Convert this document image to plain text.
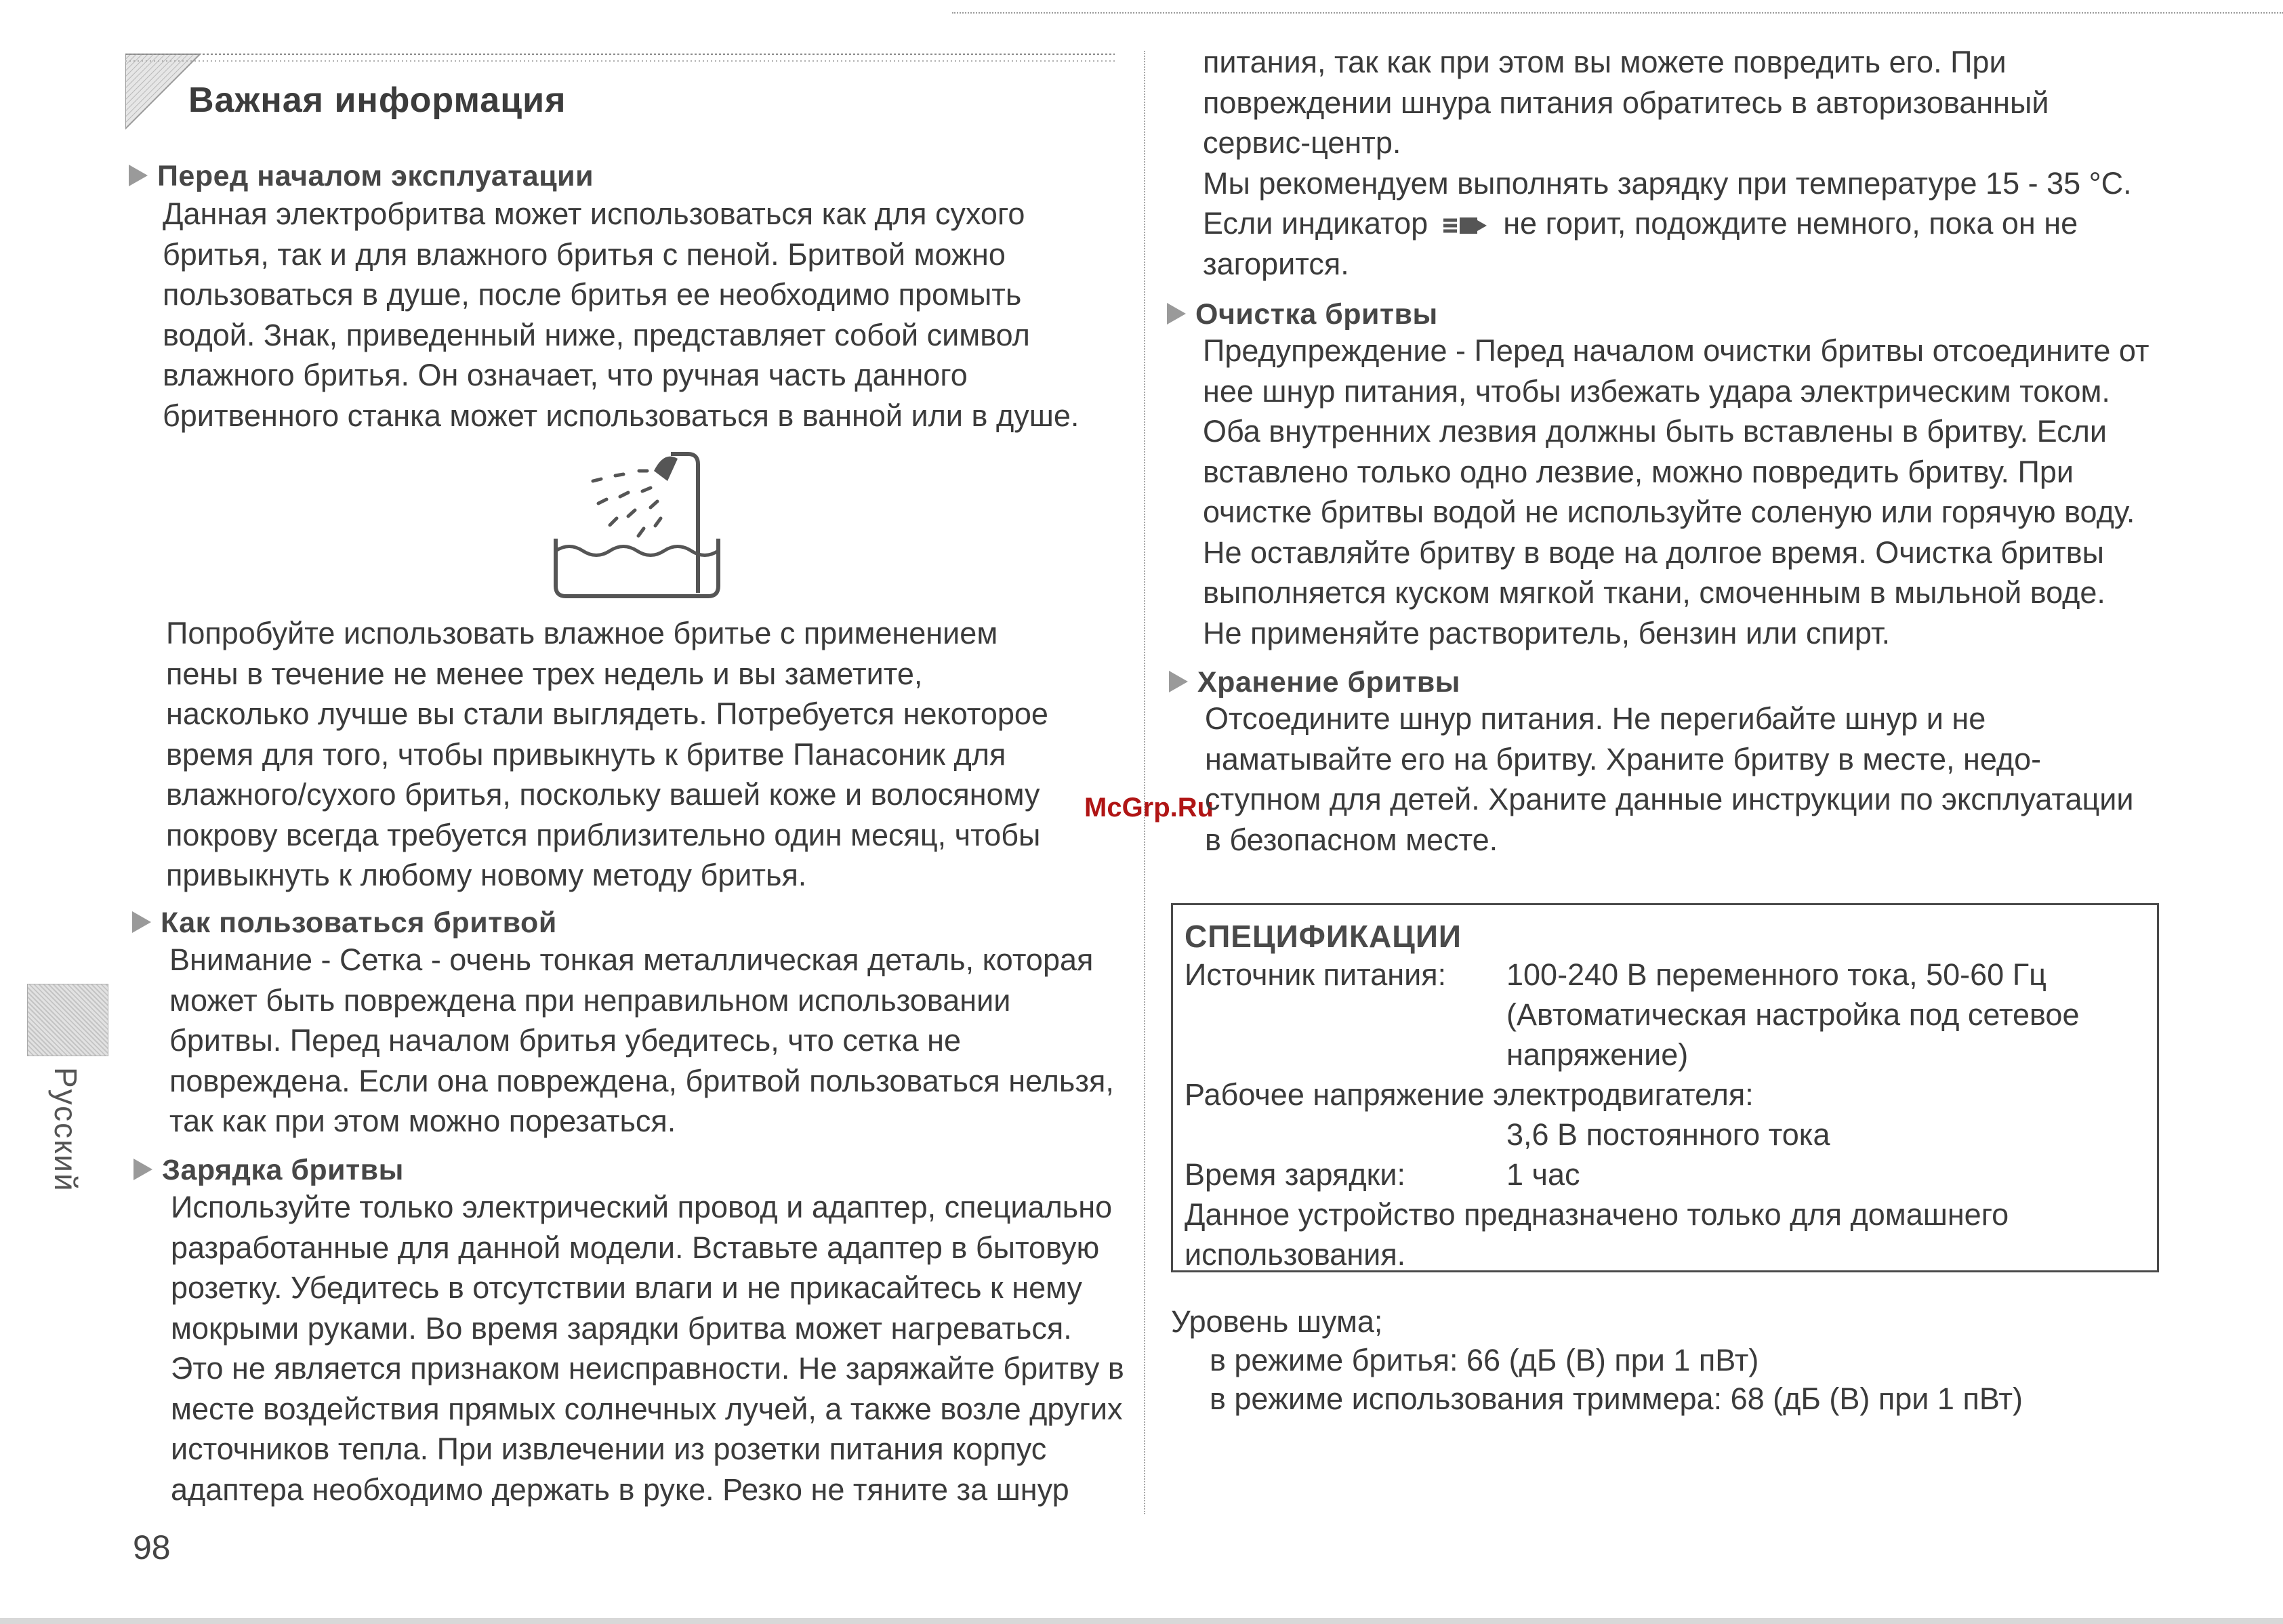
Важная информация
Русский
Перед началом эксплуатации
Данная электробритва может использоваться как для сухого
бритья, так и для влажного бритья с пеной. Бритвой можно
пользоваться в душе, после бритья ее необходимо промыть
водой. Знак, приведенный ниже, представляет собой символ
влажного бритья. Он означает, что ручная часть данного
бритвенного станка может использоваться в ванной или в душе.
Попробуйте использовать влажное бритье с применением
пены в течение не менее трех недель и вы заметите,
насколько лучше вы стали выглядеть. Потребуется некоторое
время для того, чтобы привыкнуть к бритве Панасоник для
влажного/сухого бритья, поскольку вашей коже и волосяному
покрову всегда требуется приблизительно один месяц, чтобы
привыкнуть к любому новому методу бритья.
Как пользоваться бритвой
Внимание - Сетка - очень тонкая металлическая деталь, которая
может быть повреждена при неправильном использовании
бритвы. Перед началом бритья убедитесь, что сетка не
повреждена. Если она повреждена, бритвой пользоваться нельзя,
так как при этом можно порезаться.
Зарядка бритвы
Используйте только электрический провод и адаптер, специально
разработанные для данной модели. Вставьте адаптер в бытовую
розетку. Убедитесь в отсутствии влаги и не прикасайтесь к нему
мокрыми руками. Во время зарядки бритва может нагреваться.
Это не является признаком неисправности. Не заряжайте бритву в
месте воздействия прямых солнечных лучей, а также возле других
источников тепла. При извлечении из розетки питания корпус
адаптера необходимо держать в руке. Резко не тяните за шнур
98
McGrp.Ru
питания, так как при этом вы можете повредить его. При
повреждении шнура питания обратитесь в авторизованный
сервис-центр.
Мы рекомендуем выполнять зарядку при температуре 15 - 35 °C.
Если индикатор не горит, подождите немного, пока он не
загорится.
Очистка бритвы
Предупреждение - Перед началом очистки бритвы отсоедините от
нее шнур питания, чтобы избежать удара электрическим током.
Оба внутренних лезвия должны быть вставлены в бритву. Если
вставлено только одно лезвие, можно повредить бритву. При
очистке бритвы водой не используйте соленую или горячую воду.
Не оставляйте бритву в воде на долгое время. Очистка бритвы
выполняется куском мягкой ткани, смоченным в мыльной воде.
Не применяйте растворитель, бензин или спирт.
Хранение бритвы
Отсоедините шнур питания. Не перегибайте шнур и не
наматывайте его на бритву. Храните бритву в месте, недо-
ступном для детей. Храните данные инструкции по эксплуатации
в безопасном месте.
СПЕЦИФИКАЦИИ
Источник питания: 100-240 В переменного тока, 50-60 Гц
(Автоматическая настройка под сетевое
напряжение)
Рабочее напряжение электродвигателя:
3,6 В постоянного тока
Время зарядки:	1 час
Данное устройство предназначено только для домашнего
использования.
Уровень шума;
в режиме бритья: 66 (дБ (В) при 1 пВт)
в режиме использования триммера: 68 (дБ (В) при 1 пВт)
